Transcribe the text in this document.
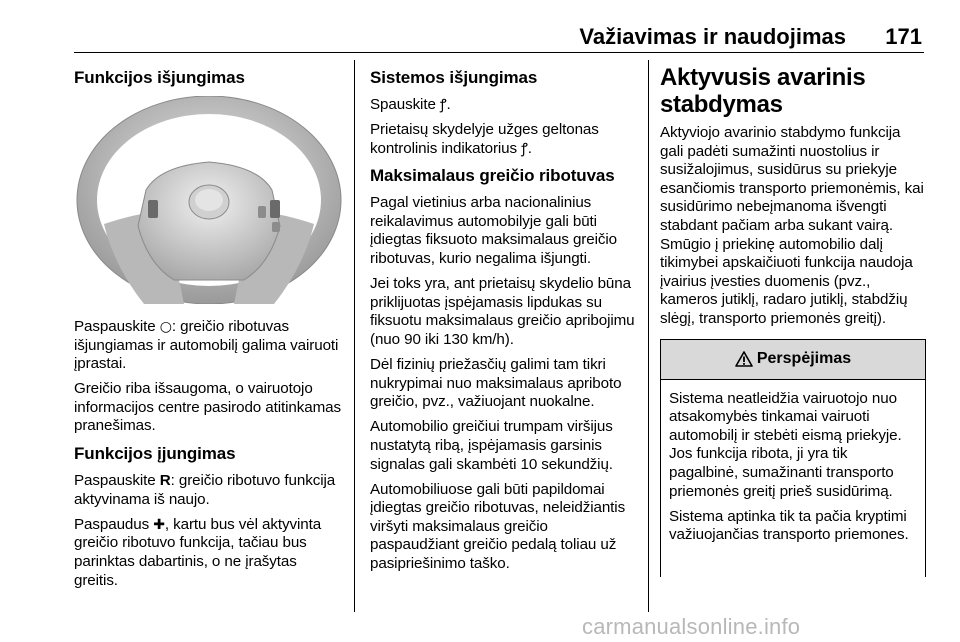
Važiavimas ir naudojimas 171
Funkcijos išjungimas

Paspauskite ○: greičio ribotuvas išjungiamas ir automobilį galima vairuoti įprastai.

Greičio riba išsaugoma, o vairuotojo informacijos centre pasirodo atitinkamas pranešimas.

Funkcijos įjungimas

Paspauskite R: greičio ribotuvo funkcija aktyvinama iš naujo.

Paspaudus ✚, kartu bus vėl aktyvinta greičio ribotuvo funkcija, tačiau bus parinktas dabartinis, o ne įrašytas greitis.

Sistemos išjungimas

Spauskite ꝭ.

Prietaisų skydelyje užges geltonas kontrolinis indikatorius ꝭ.

Maksimalaus greičio ribotuvas

Pagal vietinius arba nacionalinius reikalavimus automobilyje gali būti įdiegtas fiksuoto maksimalaus greičio ribotuvas, kurio negalima išjungti.

Jei toks yra, ant prietaisų skydelio būna priklijuotas įspėjamasis lipdukas su fiksuotu maksimalaus greičio apribojimu (nuo 90 iki 130 km/h).

Dėl fizinių priežasčių galimi tam tikri nukrypimai nuo maksimalaus apriboto greičio, pvz., važiuojant nuokalne.

Automobilio greičiui trumpam viršijus nustatytą ribą, įspėjamasis garsinis signalas gali skambėti 10 sekundžių.

Automobiliuose gali būti papildomai įdiegtas greičio ribotuvas, neleidžiantis viršyti maksimalaus greičio paspaudžiant greičio pedalą toliau už pasipriešinimo taško.

Aktyvusis avarinis stabdymas

Aktyviojo avarinio stabdymo funkcija gali padėti sumažinti nuostolius ir susižalojimus, susidūrus su priekyje esančiomis transporto priemonėmis, kai susidūrimo nebeįmanoma išvengti stabdant pačiam arba sukant vairą. Smūgio į priekinę automobilio dalį tikimybei apskaičiuoti funkcija naudoja įvairius įvesties duomenis (pvz., kameros jutiklį, radaro jutiklį, stabdžių slėgį, transporto priemonės greitį).

Perspėjimas

Sistema neatleidžia vairuotojo nuo atsakomybės tinkamai vairuoti automobilį ir stebėti eismą priekyje. Jos funkcija ribota, ji yra tik pagalbinė, sumažinanti transporto priemonės greitį prieš susidūrimą.

Sistema aptinka tik ta pačia kryptimi važiuojančias transporto priemones.

carmanualsonline.info
